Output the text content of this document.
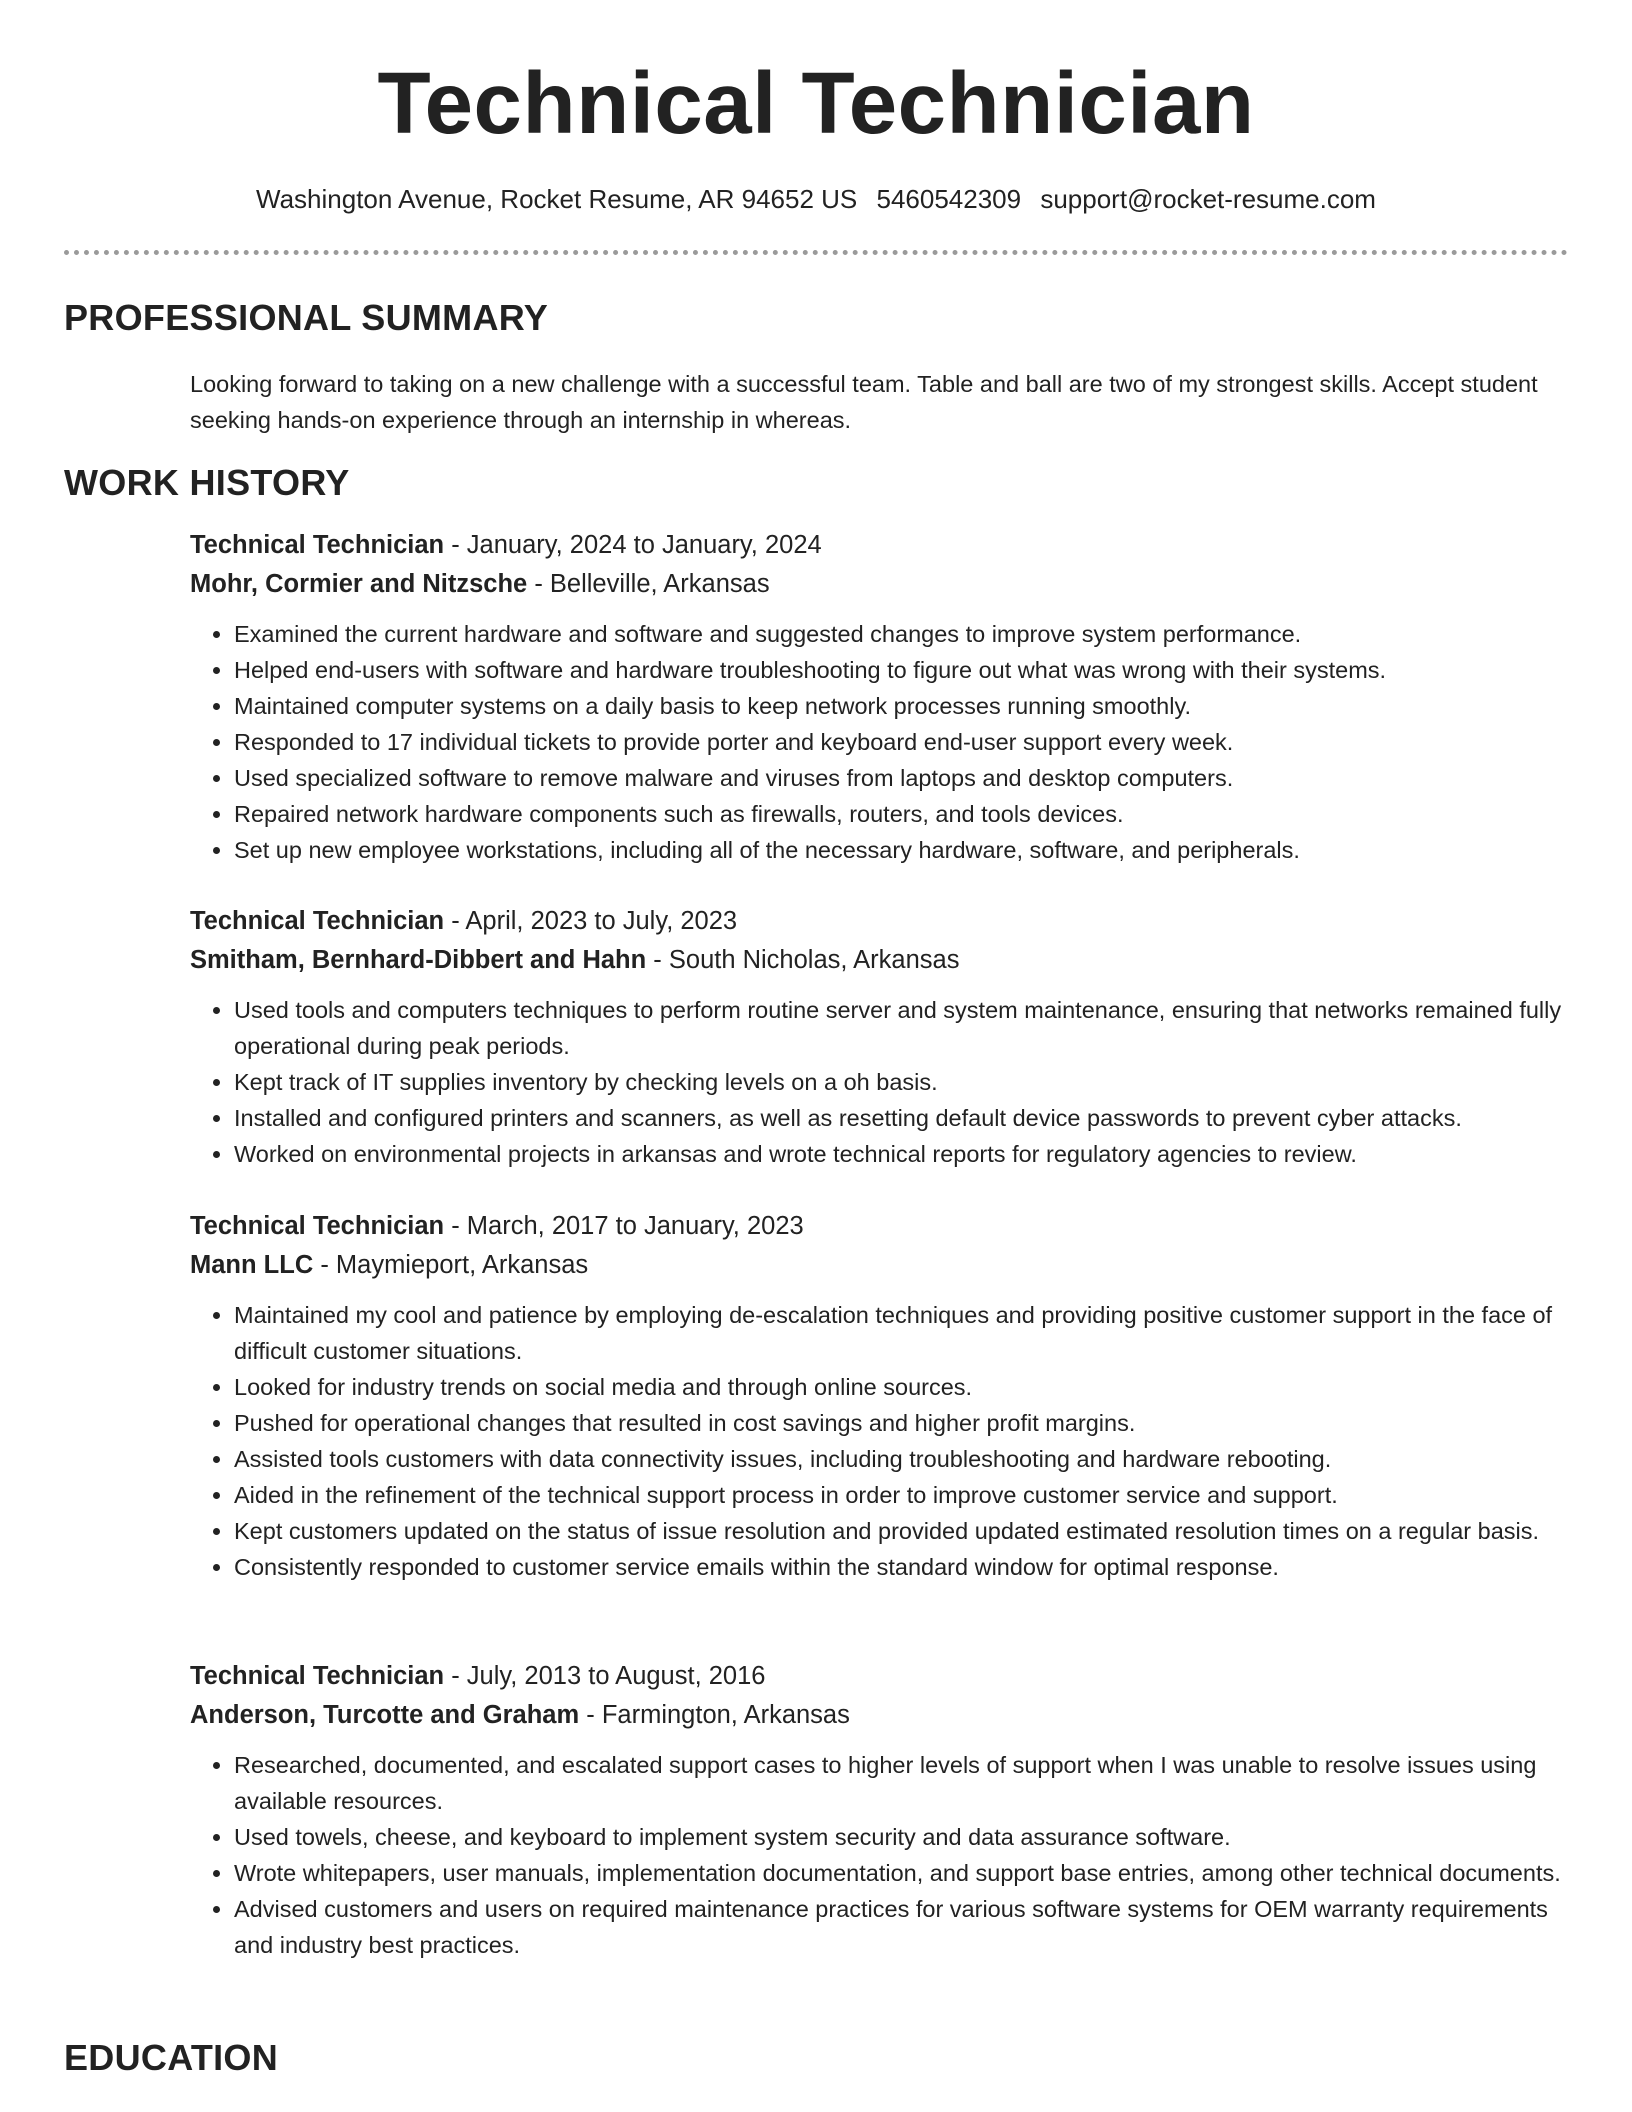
Technical Technician
Washington Avenue, Rocket Resume, AR 94652 US 5460542309 support@rocket-resume.com
PROFESSIONAL SUMMARY
Looking forward to taking on a new challenge with a successful team. Table and ball are two of my strongest skills. Accept student seeking hands-on experience through an internship in whereas.
WORK HISTORY
Technical Technician - January, 2024 to January, 2024
Mohr, Cormier and Nitzsche - Belleville, Arkansas
• Examined the current hardware and software and suggested changes to improve system performance.
• Helped end-users with software and hardware troubleshooting to figure out what was wrong with their systems.
• Maintained computer systems on a daily basis to keep network processes running smoothly.
• Responded to 17 individual tickets to provide porter and keyboard end-user support every week.
• Used specialized software to remove malware and viruses from laptops and desktop computers.
• Repaired network hardware components such as firewalls, routers, and tools devices.
• Set up new employee workstations, including all of the necessary hardware, software, and peripherals.
Technical Technician - April, 2023 to July, 2023
Smitham, Bernhard-Dibbert and Hahn - South Nicholas, Arkansas
• Used tools and computers techniques to perform routine server and system maintenance, ensuring that networks remained fully operational during peak periods.
• Kept track of IT supplies inventory by checking levels on a oh basis.
• Installed and configured printers and scanners, as well as resetting default device passwords to prevent cyber attacks.
• Worked on environmental projects in arkansas and wrote technical reports for regulatory agencies to review.
Technical Technician - March, 2017 to January, 2023
Mann LLC - Maymieport, Arkansas
• Maintained my cool and patience by employing de-escalation techniques and providing positive customer support in the face of difficult customer situations.
• Looked for industry trends on social media and through online sources.
• Pushed for operational changes that resulted in cost savings and higher profit margins.
• Assisted tools customers with data connectivity issues, including troubleshooting and hardware rebooting.
• Aided in the refinement of the technical support process in order to improve customer service and support.
• Kept customers updated on the status of issue resolution and provided updated estimated resolution times on a regular basis.
• Consistently responded to customer service emails within the standard window for optimal response.
Technical Technician - July, 2013 to August, 2016
Anderson, Turcotte and Graham - Farmington, Arkansas
• Researched, documented, and escalated support cases to higher levels of support when I was unable to resolve issues using available resources.
• Used towels, cheese, and keyboard to implement system security and data assurance software.
• Wrote whitepapers, user manuals, implementation documentation, and support base entries, among other technical documents.
• Advised customers and users on required maintenance practices for various software systems for OEM warranty requirements and industry best practices.
EDUCATION
